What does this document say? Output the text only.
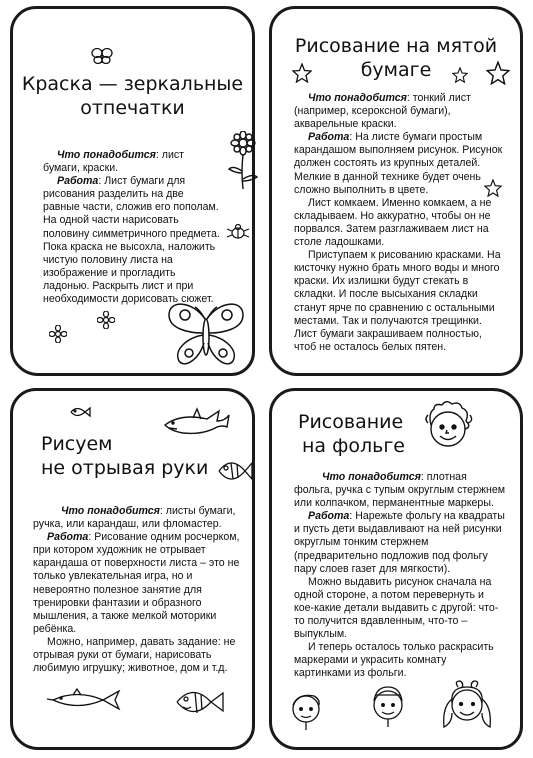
Краска — зеркальные
отпечатки

Что понадобится: лист бумаги, краски.

Работа: Лист бумаги для рисования разделить на две равные части, сложив его пополам. На одной части нарисовать половину симметричного предмета. Пока краска не высохла, наложить чистую половину листа на изображение и прогладить ладонью. Раскрыть лист и при необходимости дорисовать сюжет.

Рисование на мятой
бумаге

Что понадобится: тонкий лист (например, ксероксной бумаги), акварельные краски.

Работа: На листе бумаги простым карандашом выполняем рисунок. Рисунок должен состоять из крупных деталей. Мелкие в данной технике будет очень сложно выполнить в цвете.

Лист комкаем. Именно комкаем, а не складываем. Но аккуратно, чтобы он не порвался. Затем разглаживаем лист на столе ладошками.

Приступаем к рисованию красками. На кисточку нужно брать много воды и много краски. Их излишки будут стекать в складки. И после высыхания складки станут ярче по сравнению с остальными местами. Так и получаются трещинки. Лист бумаги закрашиваем полностью, чтоб не осталось белых пятен.

Рисуем
не отрывая руки

Что понадобится: листы бумаги, ручка, или карандаш, или фломастер.

Работа: Рисование одним росчерком, при котором художник не отрывает карандаша от поверхности листа – это не только увлекательная игра, но и невероятно полезное занятие для тренировки фантазии и образного мышления, а также мелкой моторики ребёнка.

Можно, например, давать задание: не отрывая руки от бумаги, нарисовать любимую игрушку; животное, дом и т.д.

Рисование
на фольге

Что понадобится: плотная фольга, ручка с тупым округлым стержнем или колпачком, перманентные маркеры.

Работа: Нарежьте фольгу на квадраты и пусть дети выдавливают на ней рисунки округлым тонким стержнем (предварительно подложив под фольгу пару слоев газет для мягкости).

Можно выдавить рисунок сначала на одной стороне, а потом перевернуть и кое-какие детали выдавить с другой: что-то получится вдавленным, что-то – выпуклым.

И теперь осталось только раскрасить маркерами и украсить комнату картинками из фольги.
